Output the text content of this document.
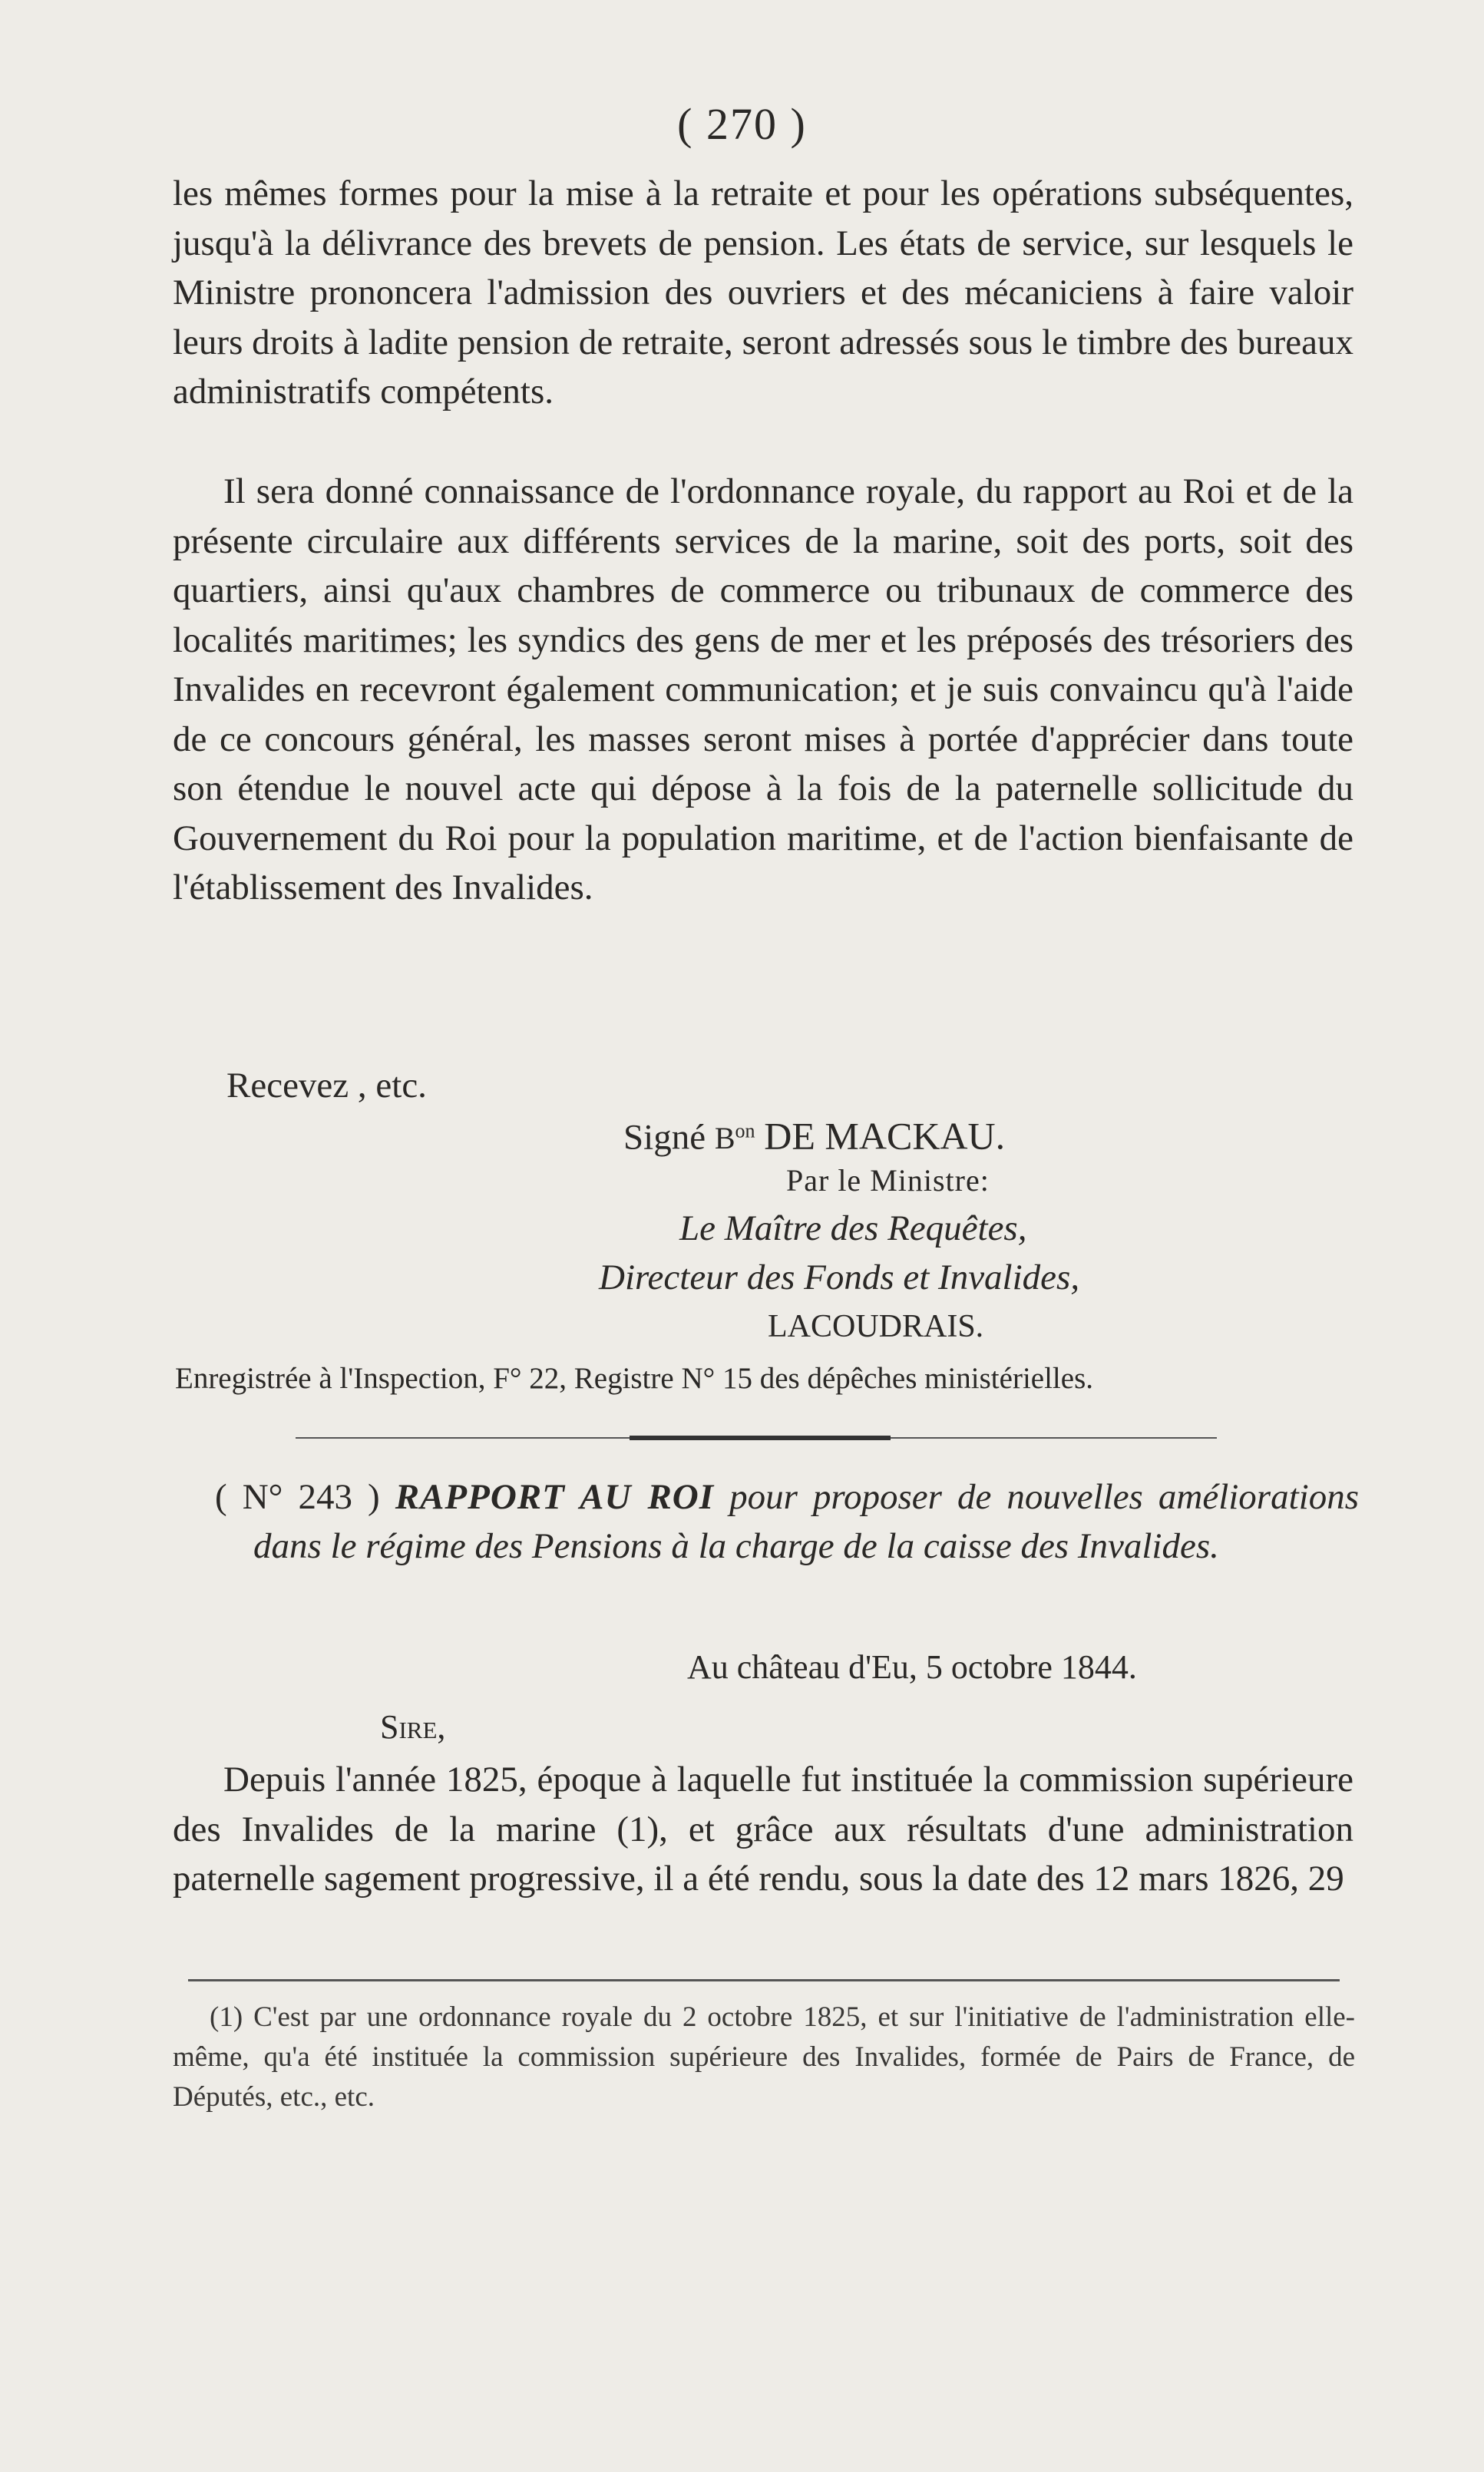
( 270 )

les mêmes formes pour la mise à la retraite et pour les opérations subséquentes, jusqu'à la délivrance des brevets de pension. Les états de service, sur lesquels le Ministre prononcera l'admission des ouvriers et des mécaniciens à faire valoir leurs droits à ladite pension de retraite, seront adressés sous le timbre des bureaux administratifs compétents.

Il sera donné connaissance de l'ordonnance royale, du rapport au Roi et de la présente circulaire aux différents services de la marine, soit des ports, soit des quartiers, ainsi qu'aux chambres de commerce ou tribunaux de commerce des localités maritimes; les syndics des gens de mer et les préposés des trésoriers des Invalides en recevront également communication; et je suis convaincu qu'à l'aide de ce concours général, les masses seront mises à portée d'apprécier dans toute son étendue le nouvel acte qui dépose à la fois de la paternelle sollicitude du Gouvernement du Roi pour la population maritime, et de l'action bienfaisante de l'établissement des Invalides.

Recevez , etc.
Signé $B^{on}$ DE MACKAU.
Par le Ministre:
Le Maître des Requêtes,
Directeur des Fonds et Invalides,
LACOUDRAIS.
Enregistrée à l'Inspection, F° 22, Registre N° 15 des dépêches ministérielles.
( N° 243 ) RAPPORT AU ROI pour proposer de nouvelles améliorations dans le régime des Pensions à la charge de la caisse des Invalides.
Au château d'Eu, 5 octobre 1844.
Sire,

Depuis l'année 1825, époque à laquelle fut instituée la commission supérieure des Invalides de la marine (1), et grâce aux résultats d'une administration paternelle sagement progressive, il a été rendu, sous la date des 12 mars 1826, 29

(1) C'est par une ordonnance royale du 2 octobre 1825, et sur l'initiative de l'administration elle-même, qu'a été instituée la commission supérieure des Invalides, formée de Pairs de France, de Députés, etc., etc.
